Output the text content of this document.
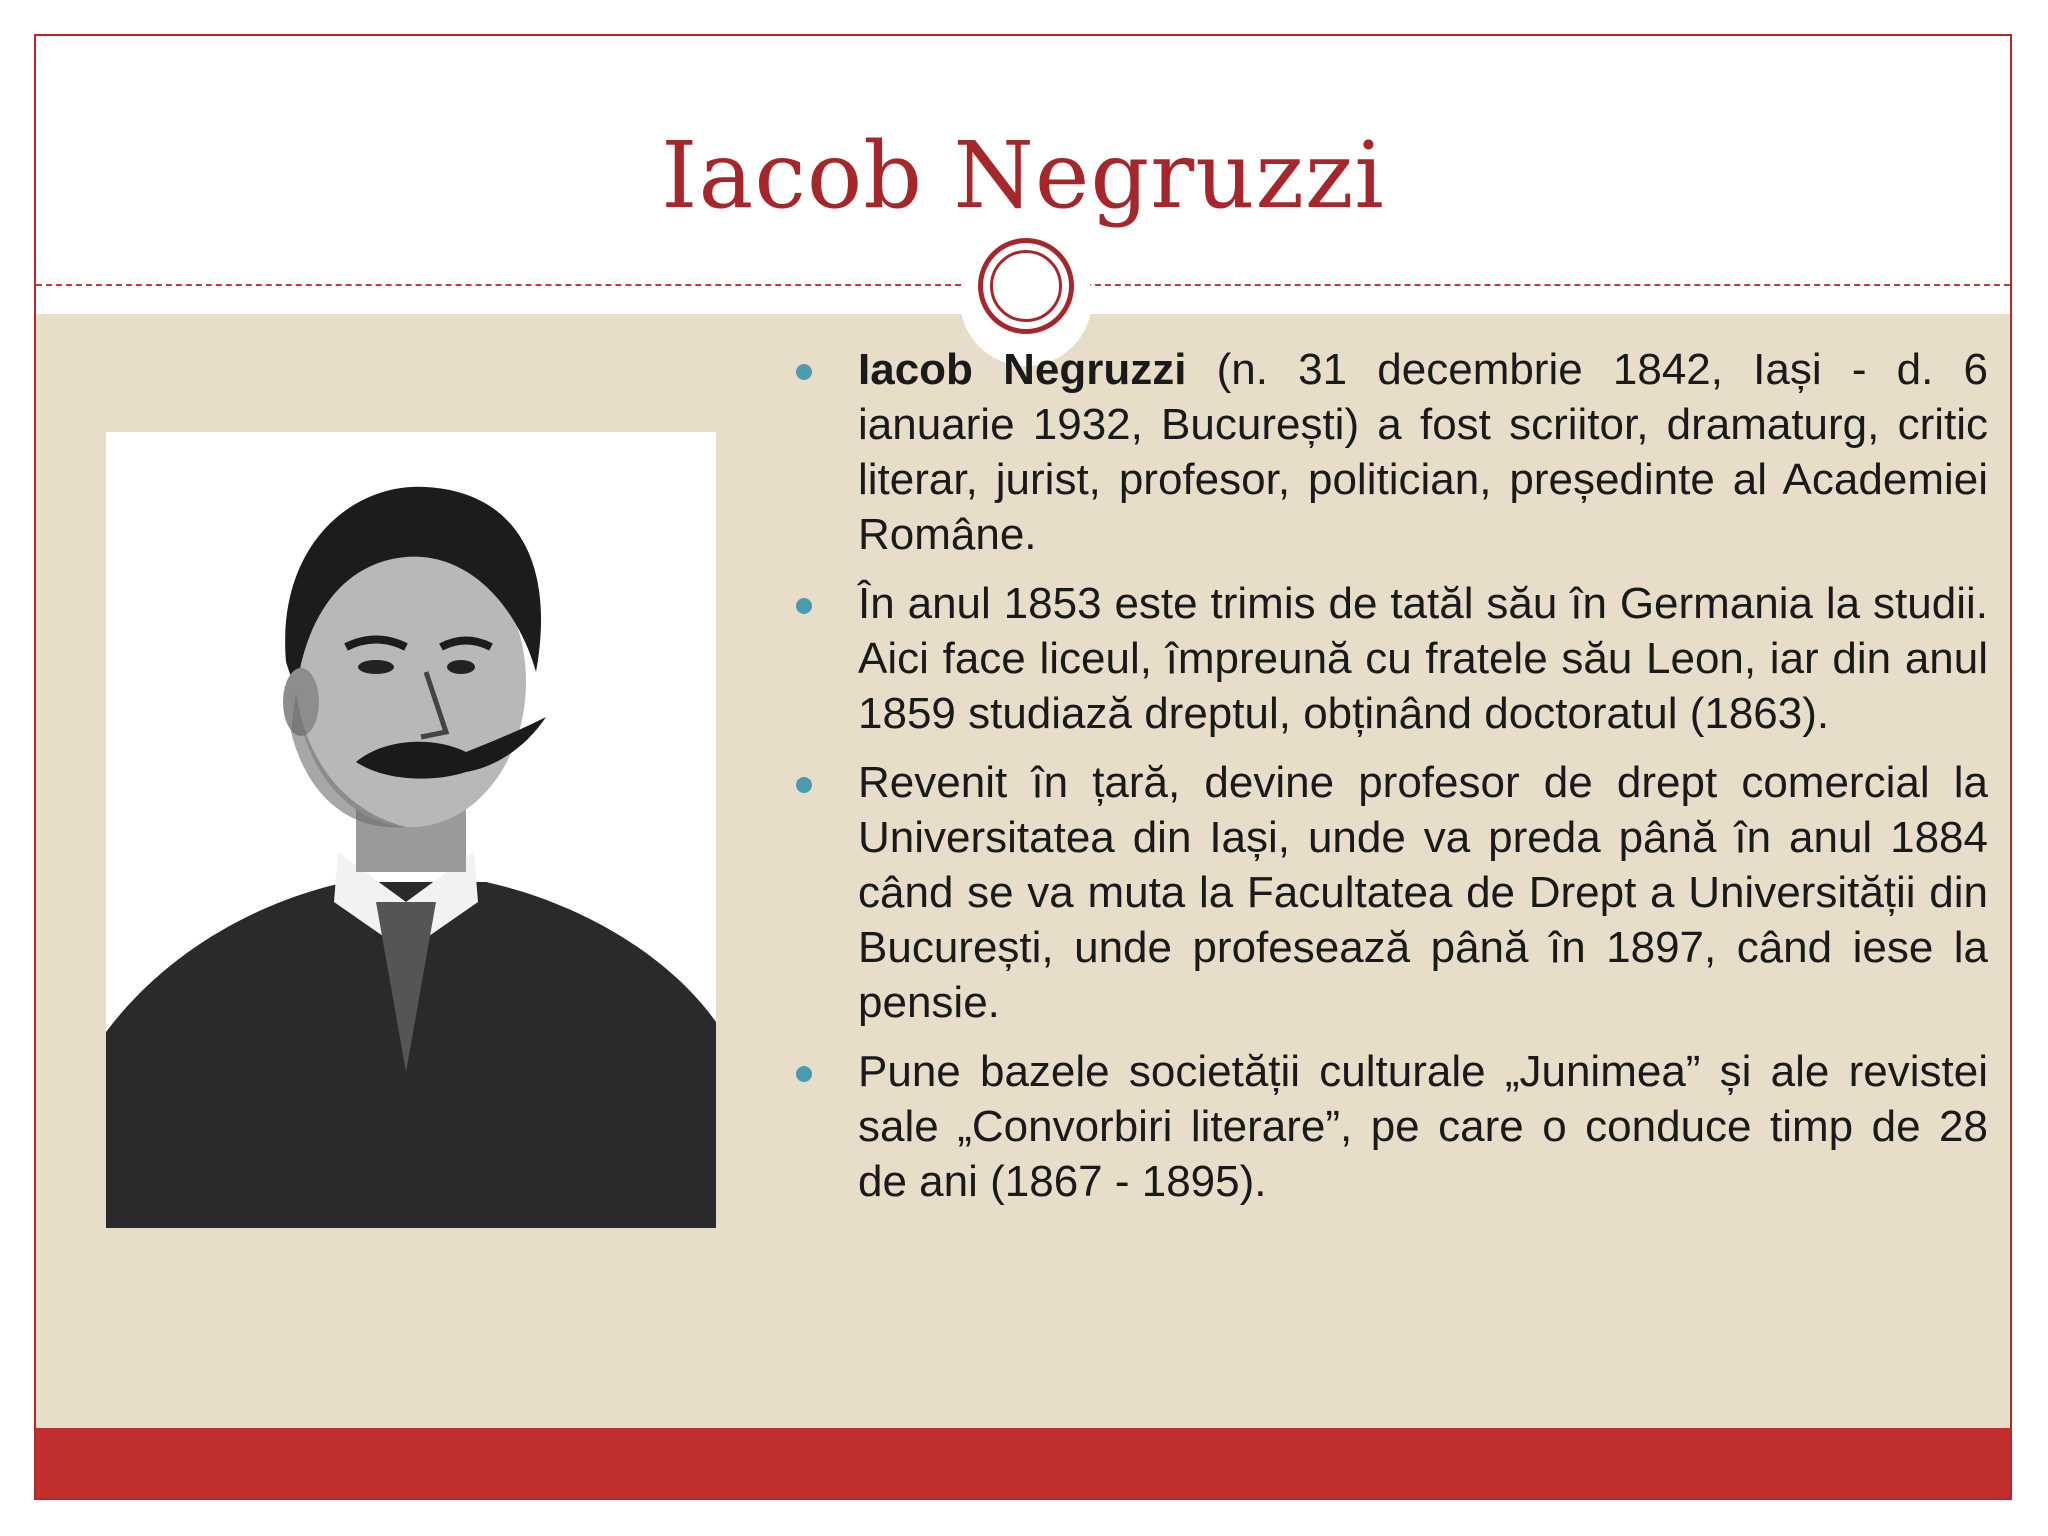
Iacob Negruzzi
Iacob Negruzzi (n. 31 decembrie 1842, Iași - d. 6 ianuarie 1932, București) a fost scriitor, dramaturg, critic literar, jurist, profesor, politician, președinte al Academiei Române.
În anul 1853 este trimis de tatăl său în Germania la studii. Aici face liceul, împreună cu fratele său Leon, iar din anul 1859 studiază dreptul, obținând doctoratul (1863).
Revenit în țară, devine profesor de drept comercial la Universitatea din Iași, unde va preda până în anul 1884 când se va muta la Facultatea de Drept a Universității din București, unde profesează până în 1897, când iese la pensie.
Pune bazele societății culturale „Junimea” și ale revistei sale „Convorbiri literare”, pe care o conduce timp de 28 de ani (1867 - 1895).
